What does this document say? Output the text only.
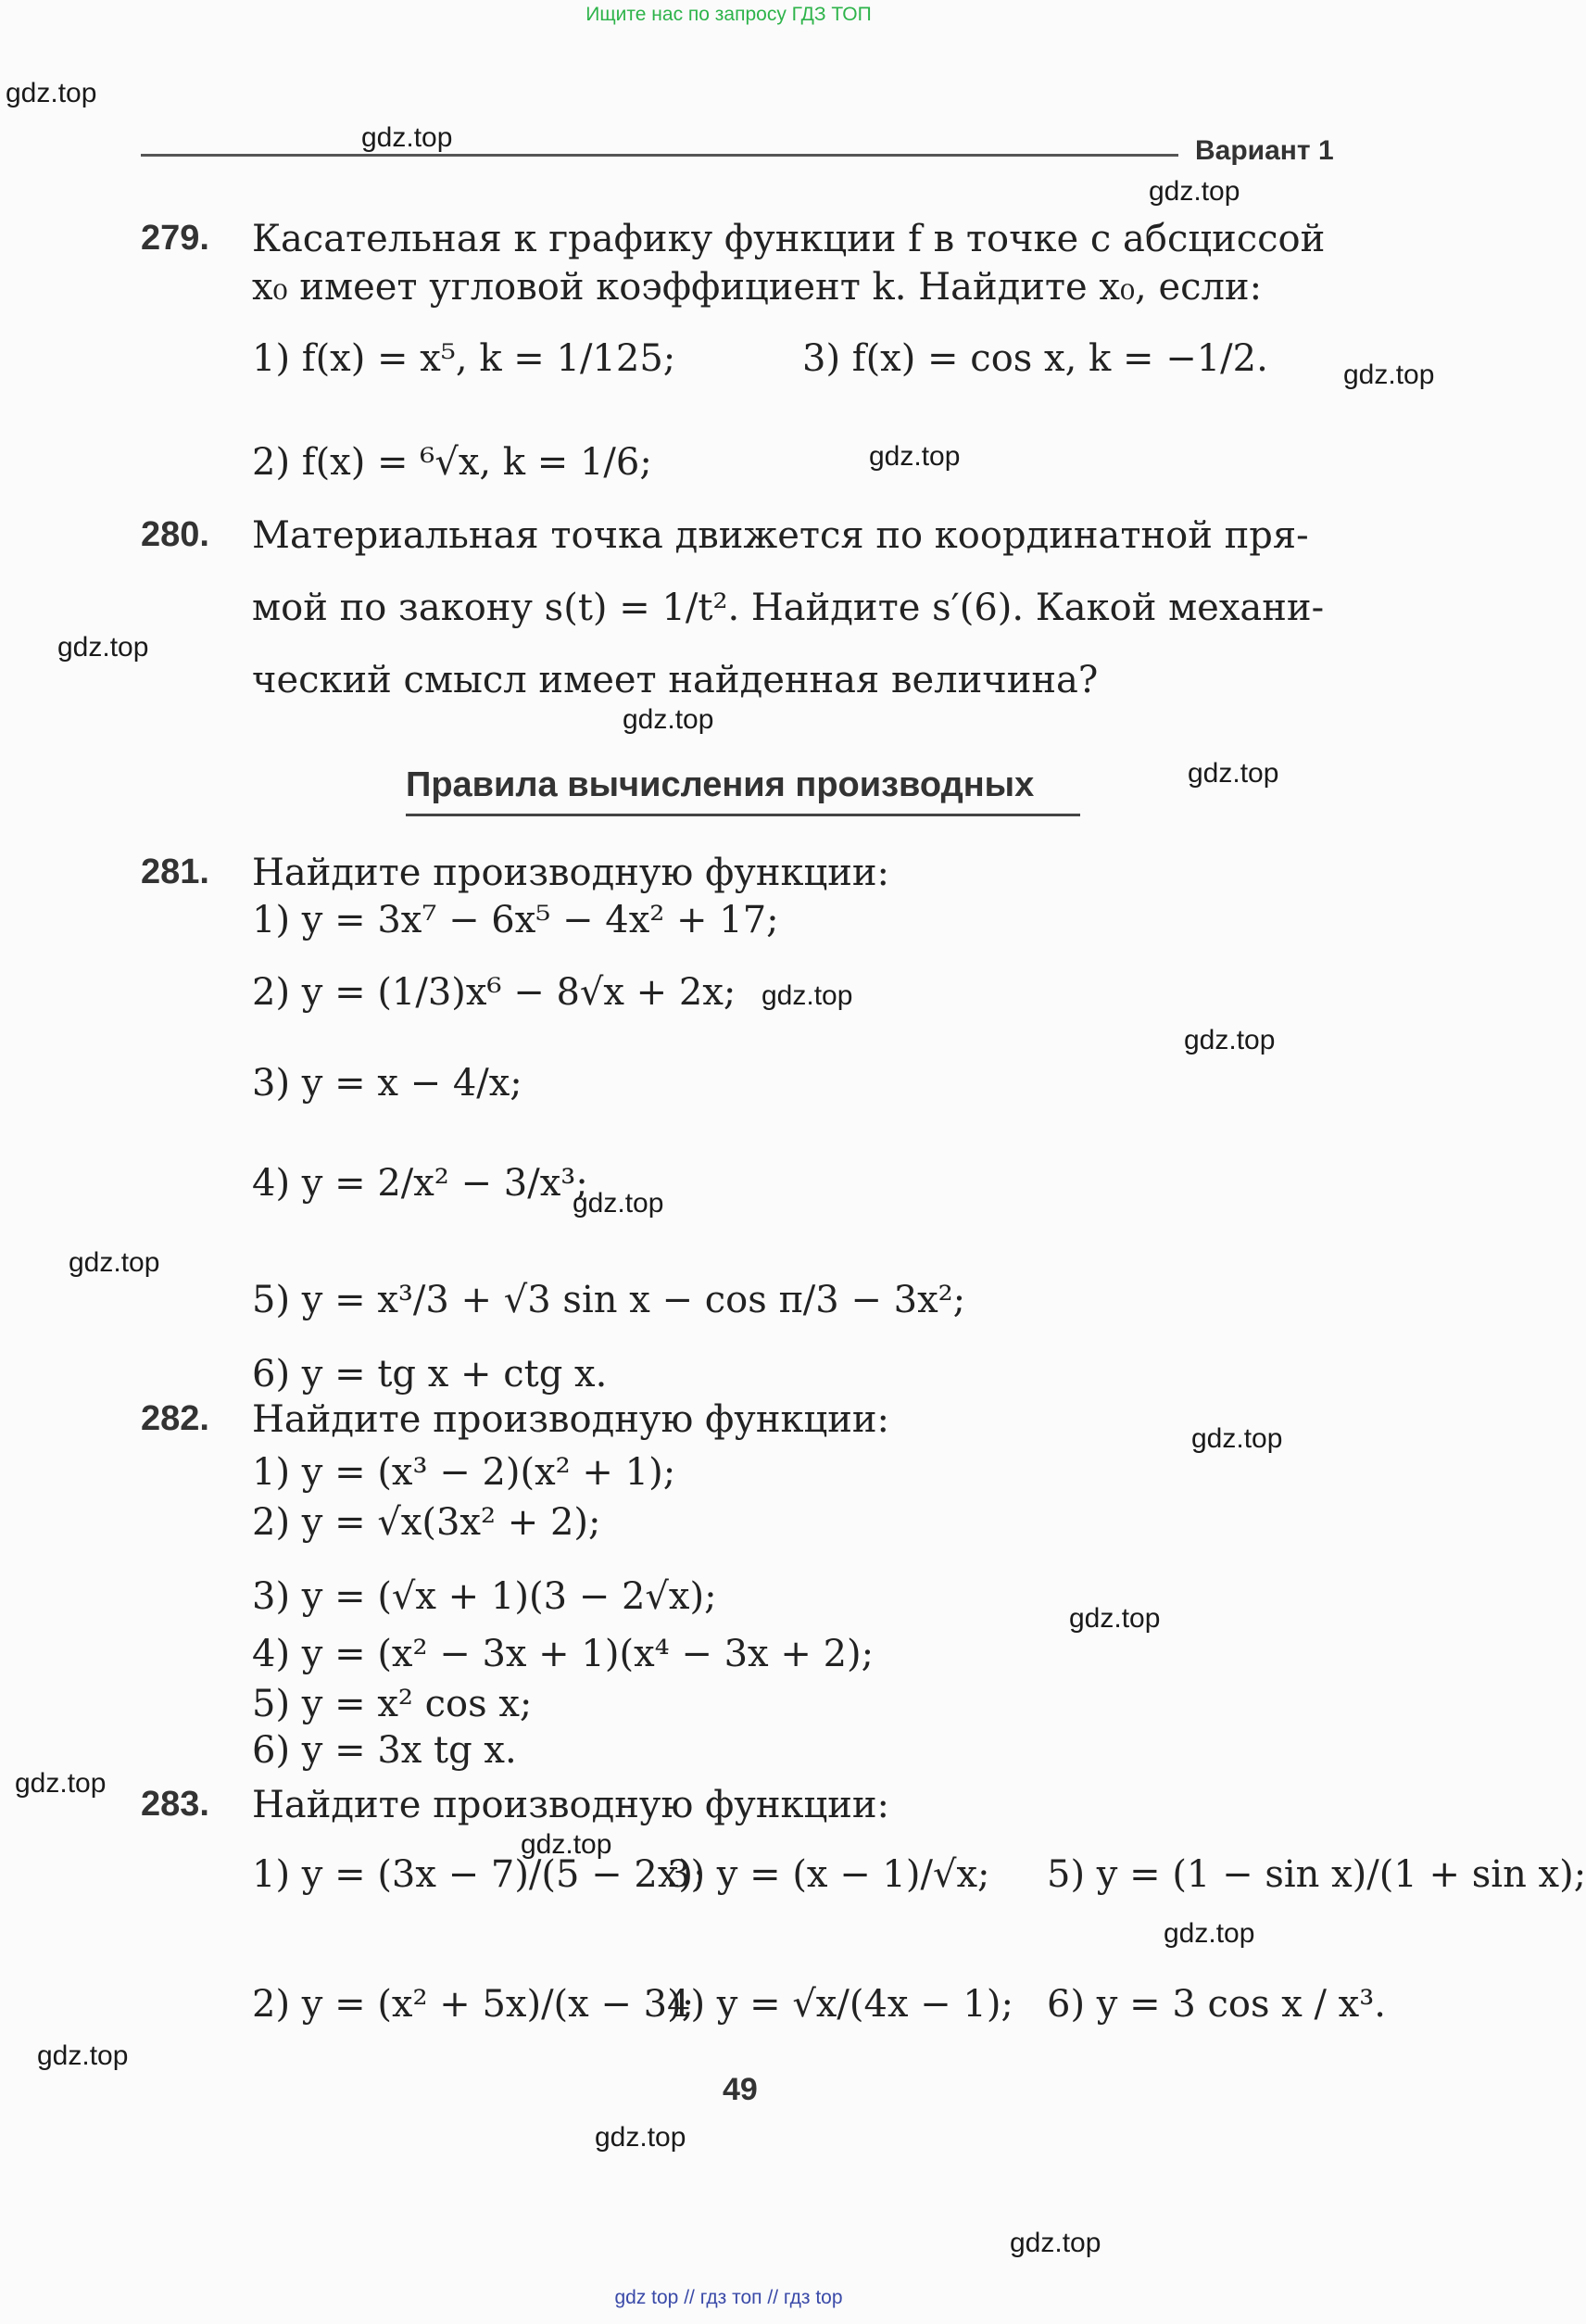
Ищите нас по запросу ГДЗ ТОП
gdz top // гдз топ // гдз top
Вариант 1
279. Касательная к графику функции f в точке с абсциссой
x₀ имеет угловой коэффициент k. Найдите x₀, если:
1) f(x) = x⁵, k = 1/125;	3) f(x) = cos x, k = −1/2.
2) f(x) = ⁶√x, k = 1/6;
280. Материальная точка движется по координатной пря-
мой по закону s(t) = 1/t². Найдите s′(6). Какой механи-
ческий смысл имеет найденная величина?
Правила вычисления производных
281. Найдите производную функции:
1) y = 3x⁷ − 6x⁵ − 4x² + 17;
2) y = (1/3)x⁶ − 8√x + 2x;
3) y = x − 4/x;
4) y = 2/x² − 3/x³;
5) y = x³/3 + √3 sin x − cos π/3 − 3x²;
6) y = tg x + ctg x.
282. Найдите производную функции:
1) y = (x³ − 2)(x² + 1);
2) y = √x(3x² + 2);
3) y = (√x + 1)(3 − 2√x);
4) y = (x² − 3x + 1)(x⁴ − 3x + 2);
5) y = x² cos x;
6) y = 3x tg x.
283. Найдите производную функции:
1) y = (3x − 7)/(5 − 2x);
3) y = (x − 1)/√x; 5) y = (1 − sin x)/(1 + sin x);
2) y = (x² + 5x)/(x − 3);
4) y = √x/(4x − 1); 6) y = 3 cos x / x³.
49
gdz.top
gdz.top
gdz.top
gdz.top
gdz.top
gdz.top
gdz.top
gdz.top
gdz.top
gdz.top
gdz.top
gdz.top
gdz.top
gdz.top
gdz.top
gdz.top
gdz.top
gdz.top
gdz.top
gdz.top
